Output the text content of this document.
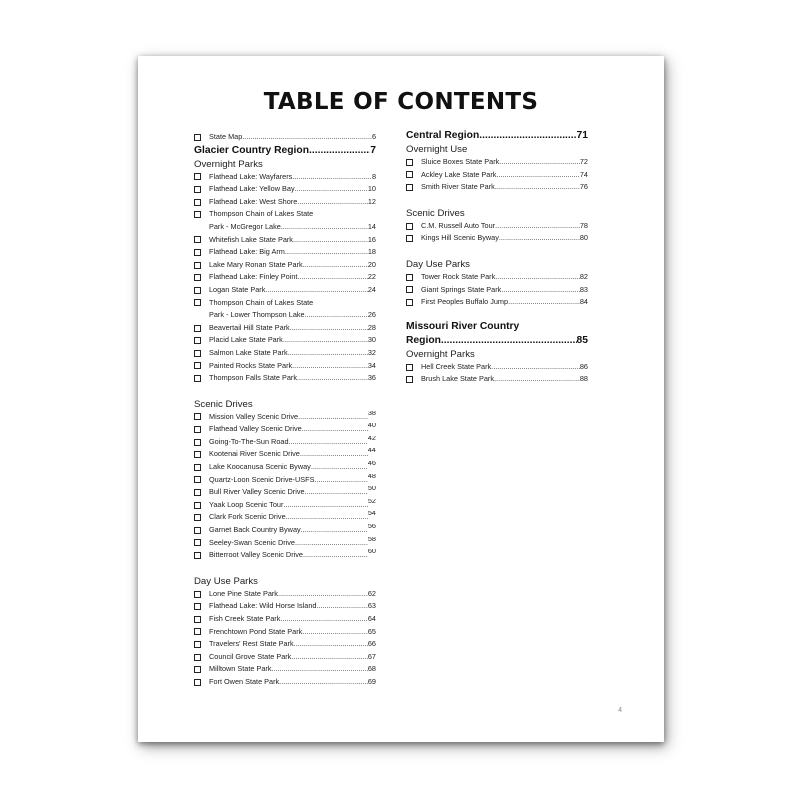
TABLE OF CONTENTS
State Map .....	6
Glacier Country Region .....	7
Overnight Parks
Flathead Lake: Wayfarers .....	8
Flathead Lake: Yellow Bay .....	10
Flathead Lake: West Shore .....	12
Thompson Chain of Lakes State
Park - McGregor Lake .....	14
Whitefish Lake State Park .....	16
Flathead Lake: Big Arm .....	18
Lake Mary Ronan State Park .....	20
Flathead Lake: Finley Point .....	22
Logan State Park .....	24
Thompson Chain of Lakes State
Park - Lower Thompson Lake .....	26
Beavertail Hill State Park .....	28
Placid Lake State Park .....	30
Salmon Lake State Park .....	32
Painted Rocks State Park .....	34
Thompson Falls State Park .....	36
Scenic Drives
Mission Valley Scenic Drive .....	38
Flathead Valley Scenic Drive .....	40
Going-To-The-Sun Road .....	42
Kootenai River Scenic Drive .....	44
Lake Koocanusa Scenic Byway .....	46
Quartz-Loon Scenic Drive-USFS .....	48
Bull River Valley Scenic Drive .....	50
Yaak Loop Scenic Tour .....	52
Clark Fork Scenic Drive .....	54
Garnet Back Country Byway .....	56
Seeley-Swan Scenic Drive .....	58
Bitterroot Valley Scenic Drive .....	60
Day Use Parks
Lone Pine State Park .....	62
Flathead Lake: Wild Horse Island .....	63
Fish Creek State Park .....	64
Frenchtown Pond State Park .....	65
Travelers' Rest State Park .....	66
Council Grove State Park .....	67
Milltown State Park .....	68
Fort Owen State Park .....	69
Central Region .....	71
Overnight Use
Sluice Boxes State Park .....	72
Ackley Lake State Park .....	74
Smith River State Park .....	76
Scenic Drives
C.M. Russell Auto Tour .....	78
Kings Hill Scenic Byway .....	80
Day Use Parks
Tower Rock State Park .....	82
Giant Springs State Park .....	83
First Peoples Buffalo Jump .....	84
Missouri River Country
Region .....	85
Overnight Parks
Hell Creek State Park .....	86
Brush Lake State Park .....	88
4
